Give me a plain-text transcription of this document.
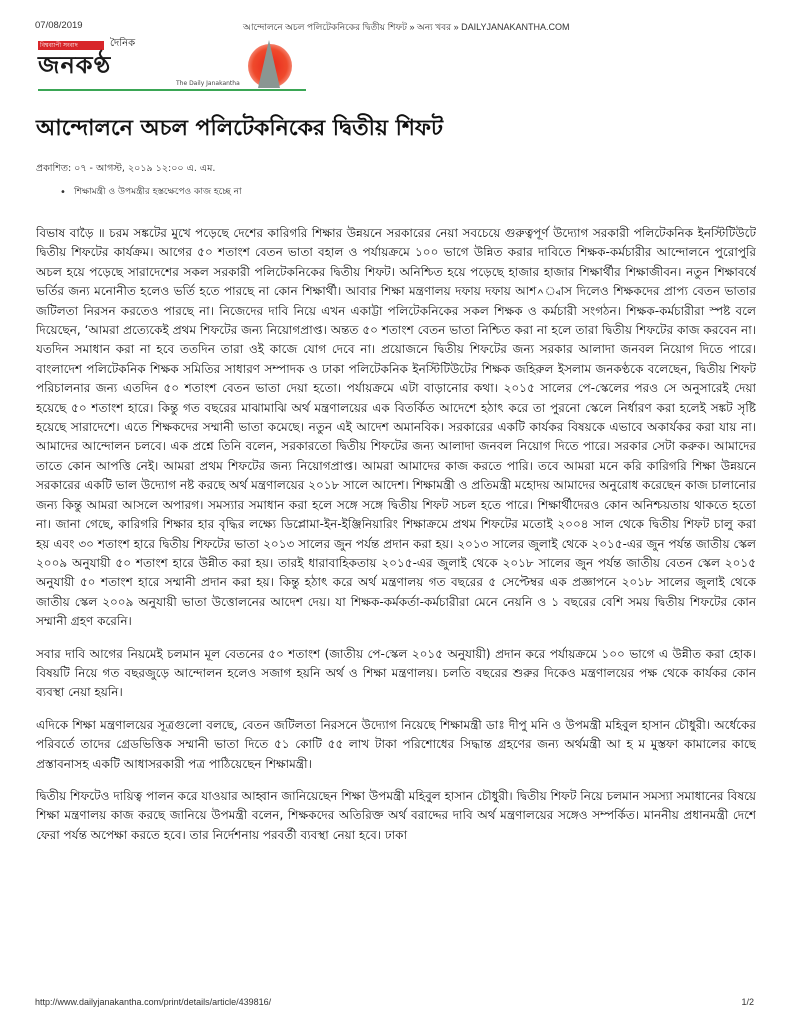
07/08/2019	আন্দোলনে অচল পলিটেকনিকের দ্বিতীয় শিফট » অন্য খবর » DAILYJANAKANTHA.COM
বিশ্বব্যাপী সংবাদ	দৈনিক
জনকণ্ঠ
The Daily Janakantha
আন্দোলনে অচল পলিটেকনিকের দ্বিতীয় শিফট
প্রকাশিত: ০৭ - আগস্ট, ২০১৯ ১২:০০ এ. এম.
• শিক্ষামন্ত্রী ও উপমন্ত্রীর হস্তক্ষেপেও কাজ হচ্ছে না

বিভাষ বাড়ৈ ॥ চরম সঙ্কটের মুখে পড়েছে দেশের কারিগরি শিক্ষার উন্নয়নে সরকারের নেয়া সবচেয়ে গুরুত্বপূর্ণ উদ্যোগ সরকারী পলিটেকনিক ইনস্টিটিউটে দ্বিতীয় শিফটের কার্যক্রম। আগের ৫০ শতাংশ বেতন ভাতা বহাল ও পর্যায়ক্রমে ১০০ ভাগে উন্নিত করার দাবিতে শিক্ষক-কর্মচারীর আন্দোলনে পুরোপুরি অচল হয়ে পড়েছে সারাদেশের সকল সরকারী পলিটেকনিকের দ্বিতীয় শিফট। অনিশ্চিত হয়ে পড়েছে হাজার হাজার শিক্ষার্থীর শিক্ষাজীবন। নতুন শিক্ষাবর্ষে ভর্তির জন্য মনোনীত হলেও ভর্তি হতে পারছে না কোন শিক্ষার্থী। আবার শিক্ষা মন্ত্রণালয় দফায় দফায় আশ^্বাস দিলেও শিক্ষকদের প্রাপ্য বেতন ভাতার জটিলতা নিরসন করতেও পারছে না। নিজেদের দাবি নিয়ে এখন একাট্টা পলিটেকনিকের সকল শিক্ষক ও কর্মচারী সংগঠন। শিক্ষক-কর্মচারীরা স্পষ্ট বলে দিয়েছেন, ‘আমরা প্রত্যেকেই প্রথম শিফটের জন্য নিয়োগপ্রাপ্ত। অন্তত ৫০ শতাংশ বেতন ভাতা নিশ্চিত করা না হলে তারা দ্বিতীয় শিফটের কাজ করবেন না। যতদিন সমাধান করা না হবে ততদিন তারা ওই কাজে যোগ দেবে না। প্রয়োজনে দ্বিতীয় শিফটের জন্য সরকার আলাদা জনবল নিয়োগ দিতে পারে। বাংলাদেশ পলিটেকনিক শিক্ষক সমিতির সাধারণ সম্পাদক ও ঢাকা পলিটেকনিক ইনস্টিটিউটের শিক্ষক জহিরুল ইসলাম জনকণ্ঠকে বলেছেন, দ্বিতীয় শিফট পরিচালনার জন্য এতদিন ৫০ শতাংশ বেতন ভাতা দেয়া হতো। পর্যায়ক্রমে এটা বাড়ানোর কথা। ২০১৫ সালের পে-স্কেলের পরও সে অনুসারেই দেয়া হয়েছে ৫০ শতাংশ হারে। কিন্তু গত বছরের মাঝামাঝি অর্থ মন্ত্রণালয়ের এক বিতর্কিত আদেশে হঠাৎ করে তা পুরনো স্কেলে নির্ধারণ করা হলেই সঙ্কট সৃষ্টি হয়েছে সারাদেশে। এতে শিক্ষকদের সম্মানী ভাতা কমেছে। নতুন এই আদেশ অমানবিক। সরকারের একটি কার্যকর বিষয়কে এভাবে অকার্যকর করা যায় না। আমাদের আন্দোলন চলবে। এক প্রশ্নে তিনি বলেন, সরকারতো দ্বিতীয় শিফটের জন্য আলাদা জনবল নিয়োগ দিতে পারে। সরকার সেটা করুক। আমাদের তাতে কোন আপত্তি নেই। আমরা প্রথম শিফটের জন্য নিয়োগপ্রাপ্ত। আমরা আমাদের কাজ করতে পারি। তবে আমরা মনে করি কারিগরি শিক্ষা উন্নয়নে সরকারের একটি ভাল উদ্যোগ নষ্ট করছে অর্থ মন্ত্রণালয়ের ২০১৮ সালে আদেশ। শিক্ষামন্ত্রী ও প্রতিমন্ত্রী মহোদয় আমাদের অনুরোধ করেছেন কাজ চালানোর জন্য কিন্তু আমরা আসলে অপারগ। সমস্যার সমাধান করা হলে সঙ্গে সঙ্গে দ্বিতীয় শিফট সচল হতে পারে। শিক্ষার্থীদেরও কোন অনিশ্চয়তায় থাকতে হতো না। জানা গেছে, কারিগরি শিক্ষার হার বৃদ্ধির লক্ষ্যে ডিপ্লোমা-ইন-ইঞ্জিনিয়ারিং শিক্ষাক্রমে প্রথম শিফটের মতোই ২০০৪ সাল থেকে দ্বিতীয় শিফট চালু করা হয় এবং ৩০ শতাংশ হারে দ্বিতীয় শিফটের ভাতা ২০১৩ সালের জুন পর্যন্ত প্রদান করা হয়। ২০১৩ সালের জুলাই থেকে ২০১৫-এর জুন পর্যন্ত জাতীয় স্কেল ২০০৯ অনুযায়ী ৫০ শতাংশ হারে উন্নীত করা হয়। তারই ধারাবাহিকতায় ২০১৫-এর জুলাই থেকে ২০১৮ সালের জুন পর্যন্ত জাতীয় বেতন স্কেল ২০১৫ অনুযায়ী ৫০ শতাংশ হারে সম্মানী প্রদান করা হয়। কিন্তু হঠাৎ করে অর্থ মন্ত্রণালয় গত বছরের ৫ সেপ্টেম্বর এক প্রজ্ঞাপনে ২০১৮ সালের জুলাই থেকে জাতীয় স্কেল ২০০৯ অনুযায়ী ভাতা উত্তোলনের আদেশ দেয়। যা শিক্ষক-কর্মকর্তা-কর্মচারীরা মেনে নেয়নি ও ১ বছরের বেশি সময় দ্বিতীয় শিফটের কোন সম্মানী গ্রহণ করেনি।

সবার দাবি আগের নিয়মেই চলমান মূল বেতনের ৫০ শতাংশ (জাতীয় পে-স্কেল ২০১৫ অনুযায়ী) প্রদান করে পর্যায়ক্রমে ১০০ ভাগে এ উন্নীত করা হোক। বিষয়টি নিয়ে গত বছরজুড়ে আন্দোলন হলেও সজাগ হয়নি অর্থ ও শিক্ষা মন্ত্রণালয়। চলতি বছরের শুরুর দিকেও মন্ত্রণালয়ের পক্ষ থেকে কার্যকর কোন ব্যবস্থা নেয়া হয়নি।

এদিকে শিক্ষা মন্ত্রণালয়ের সূত্রগুলো বলছে, বেতন জটিলতা নিরসনে উদ্যোগ নিয়েছে শিক্ষামন্ত্রী ডাঃ দীপু মনি ও উপমন্ত্রী মহিবুল হাসান চৌধুরী। অর্ধেকের পরিবর্তে তাদের গ্রেডভিত্তিক সম্মানী ভাতা দিতে ৫১ কোটি ৫৫ লাখ টাকা পরিশোধের সিদ্ধান্ত গ্রহণের জন্য অর্থমন্ত্রী আ হ ম মুস্তফা কামালের কাছে প্রস্তাবনাসহ একটি আধাসরকারী পত্র পাঠিয়েছেন শিক্ষামন্ত্রী।

দ্বিতীয় শিফটেও দায়িত্ব পালন করে যাওয়ার আহ্বান জানিয়েছেন শিক্ষা উপমন্ত্রী মহিবুল হাসান চৌধুরী। দ্বিতীয় শিফট নিয়ে চলমান সমস্যা সমাধানের বিষয়ে শিক্ষা মন্ত্রণালয় কাজ করছে জানিয়ে উপমন্ত্রী বলেন, শিক্ষকদের অতিরিক্ত অর্থ বরাদ্দের দাবি অর্থ মন্ত্রণালয়ের সঙ্গেও সম্পর্কিত। মাননীয় প্রধানমন্ত্রী দেশে ফেরা পর্যন্ত অপেক্ষা করতে হবে। তার নির্দেশনায় পরবর্তী ব্যবস্থা নেয়া হবে। ঢাকা

http://www.dailyjanakantha.com/print/details/article/439816/	1/2
